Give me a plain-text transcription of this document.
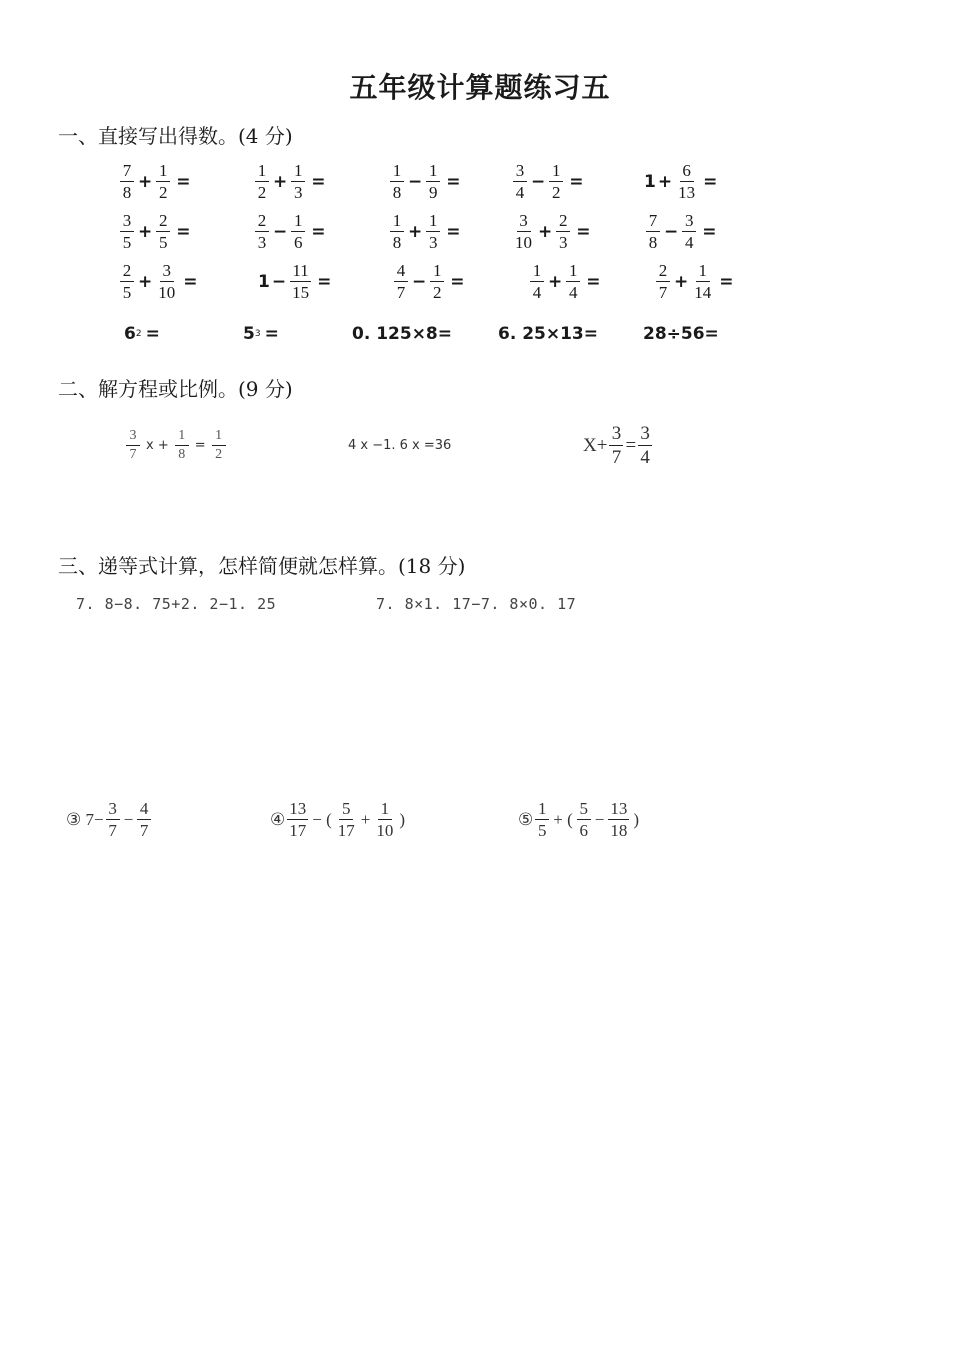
五年级计算题练习五
一、直接写出得数。(4 分)
$\frac{7}{8} + \frac{1}{2}$ =	$\frac{1}{2} + \frac{1}{3}$ =	$\frac{1}{8} - \frac{1}{9}$ =	$\frac{3}{4} - \frac{1}{2}$ =	$1 + \frac{6}{13}$ =
$\frac{3}{5} + \frac{2}{5}$ =	$\frac{2}{3} - \frac{1}{6}$ =	$\frac{1}{8} + \frac{1}{3}$ =	$\frac{3}{10} + \frac{2}{3}$ =	$\frac{7}{8} - \frac{3}{4}$ =
$\frac{2}{5} + \frac{3}{10}$ =	$1 - \frac{11}{15}$ =	$\frac{4}{7} - \frac{1}{2}$ =	$\frac{1}{4} + \frac{1}{4}$ =	$\frac{2}{7} + \frac{1}{14}$ =
6 2 =	5 3 =	0. 125×8=	6. 25×13=	28÷56=
二、解方程或比例。(9 分)
$\frac{3}{7}$ $x + \frac{1}{8} = \frac{1}{2}$	4 x −1. 6 x =36	$X+ \frac{3}{7} = \frac{3}{4}$
三、递等式计算，怎样简便就怎样算。(18 分)
7. 8−8. 75+2. 2−1. 25	7. 8×1. 17−7. 8×0. 17
③ $7- \frac{3}{7} - \frac{4}{7}$	④ $\frac{13}{17}$ − ( $\frac{5}{17} + \frac{1}{10}$ )	⑤ $\frac{1}{5}$ + ( $\frac{5}{6} - \frac{13}{18}$ )
